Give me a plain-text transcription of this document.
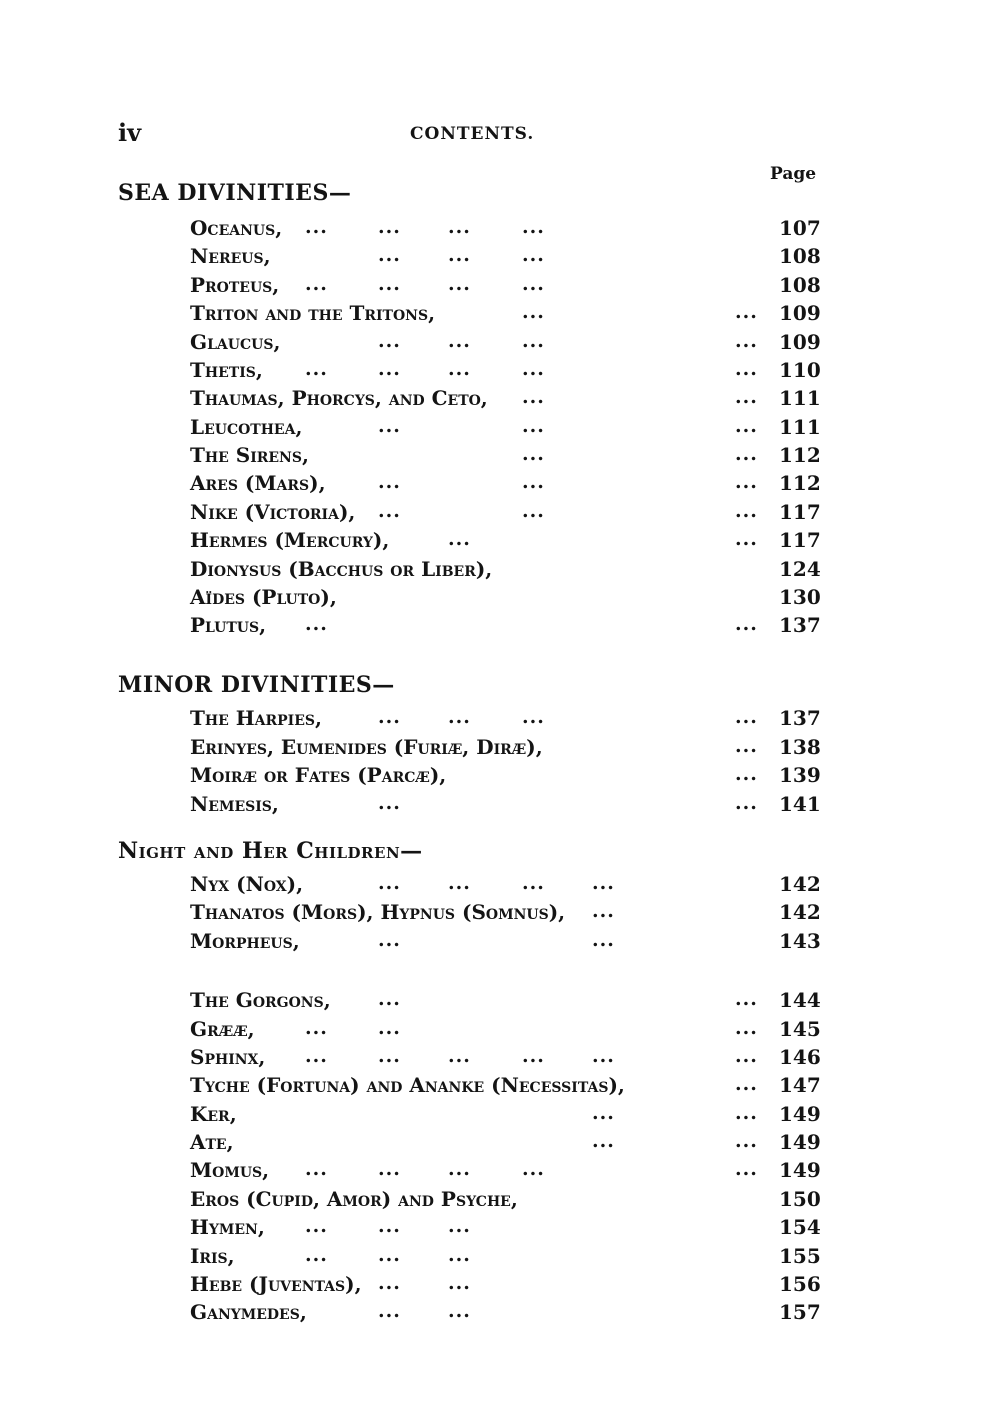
iv	CONTENTS.
Page
SEA DIVINITIES—
MINOR DIVINITIES—
Night and Her Children—
Oceanus, ...	... ...	...	107
Nereus,	... ...	...	108
Proteus, ...	... ...	...	108
Triton and the Tritons,	...	... 109
Glaucus,	... ...	...	... 109
Thetis, ...	... ...	...	... 110
Thaumas, Phorcys, and Ceto, ...	... 111
Leucothea,	...	...	... 111
The Sirens,	...	... 112
Ares (Mars),	...	...	... 112
Nike (Victoria), ...	...	... 117
Hermes (Mercury),	...	... 117
Dionysus (Bacchus or Liber),	124
Aïdes (Pluto),	130
Plutus, ...	... 137
The Harpies,	... ...	...	... 137
Erinyes, Eumenides (Furiæ, Diræ),	... 138
Moiræ or Fates (Parcæ),	... 139
Nemesis,	...	... 141
Nyx (Nox),	... ...	... ...	142
Thanatos (Mors), Hypnus (Somnus), ...	142
Morpheus,	...	...	143
The Gorgons, ...	... 144
Grææ,	...	...	... 145
Sphinx, ...	... ...	... ...	... 146
Tyche (Fortuna) and Ananke (Necessitas),	... 147
Ker,	...	... 149
Ate,	...	... 149
Momus, ...	... ...	...	... 149
Eros (Cupid, Amor) and Psyche,	150
Hymen, ...	... ...	154
Iris,	...	... ...	155
Hebe (Juventas), ... ...	156
Ganymedes,	... ...	157
